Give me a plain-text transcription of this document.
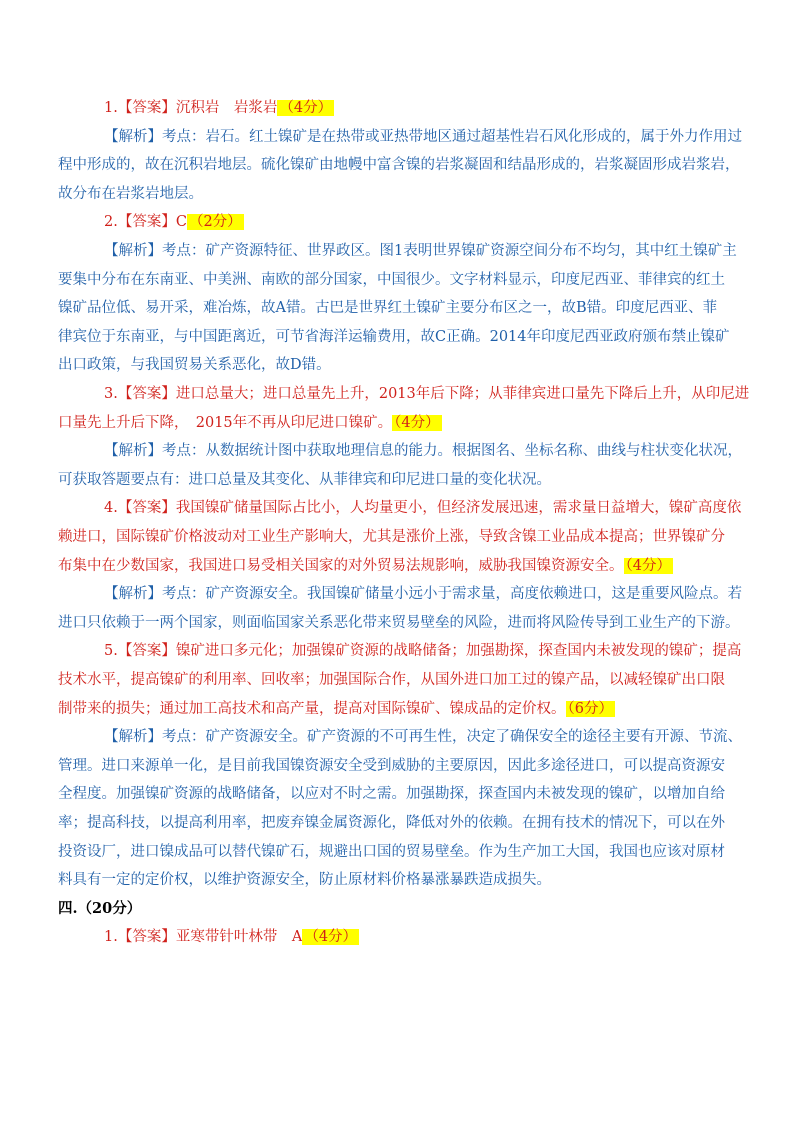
1.【答案】沉积岩　岩浆岩 （4分）
【解析】考点：岩石。红土镍矿是在热带或亚热带地区通过超基性岩石风化形成的，属于外力作用过
程中形成的，故在沉积岩地层。硫化镍矿由地幔中富含镍的岩浆凝固和结晶形成的，岩浆凝固形成岩浆岩，
故分布在岩浆岩地层。
2.【答案】C （2分）
【解析】考点：矿产资源特征、世界政区。图1表明世界镍矿资源空间分布不均匀，其中红土镍矿主
要集中分布在东南亚、中美洲、南欧的部分国家，中国很少。文字材料显示，印度尼西亚、菲律宾的红土
镍矿品位低、易开采，难冶炼，故A错。古巴是世界红土镍矿主要分布区之一，故B错。印度尼西亚、菲
律宾位于东南亚，与中国距离近，可节省海洋运输费用，故C正确。2014年印度尼西亚政府颁布禁止镍矿
出口政策，与我国贸易关系恶化，故D错。
3.【答案】进口总量大；进口总量先上升，2013年后下降；从菲律宾进口量先下降后上升，从印尼进
口量先上升后下降，　2015年不再从印尼进口镍矿。 （4分）
【解析】考点：从数据统计图中获取地理信息的能力。根据图名、坐标名称、曲线与柱状变化状况，
可获取答题要点有：进口总量及其变化、从菲律宾和印尼进口量的变化状况。
4.【答案】我国镍矿储量国际占比小，人均量更小，但经济发展迅速，需求量日益增大，镍矿高度依
赖进口，国际镍矿价格波动对工业生产影响大，尤其是涨价上涨，导致含镍工业品成本提高；世界镍矿分
布集中在少数国家，我国进口易受相关国家的对外贸易法规影响，威胁我国镍资源安全。 （4分）
【解析】考点：矿产资源安全。我国镍矿储量小远小于需求量，高度依赖进口，这是重要风险点。若
进口只依赖于一两个国家，则面临国家关系恶化带来贸易壁垒的风险，进而将风险传导到工业生产的下游。
5.【答案】镍矿进口多元化；加强镍矿资源的战略储备；加强勘探，探查国内未被发现的镍矿；提高
技术水平，提高镍矿的利用率、回收率；加强国际合作，从国外进口加工过的镍产品，以减轻镍矿出口限
制带来的损失；通过加工高技术和高产量，提高对国际镍矿、镍成品的定价权。 （6分）
【解析】考点：矿产资源安全。矿产资源的不可再生性，决定了确保安全的途径主要有开源、节流、
管理。进口来源单一化，是目前我国镍资源安全受到威胁的主要原因，因此多途径进口，可以提高资源安
全程度。加强镍矿资源的战略储备，以应对不时之需。加强勘探，探查国内未被发现的镍矿，以增加自给
率；提高科技，以提高利用率，把废弃镍金属资源化，降低对外的依赖。在拥有技术的情况下，可以在外
投资设厂，进口镍成品可以替代镍矿石，规避出口国的贸易壁垒。作为生产加工大国，我国也应该对原材
料具有一定的定价权，以维护资源安全，防止原材料价格暴涨暴跌造成损失。
四.（20分）
1.【答案】亚寒带针叶林带　A （4分）
